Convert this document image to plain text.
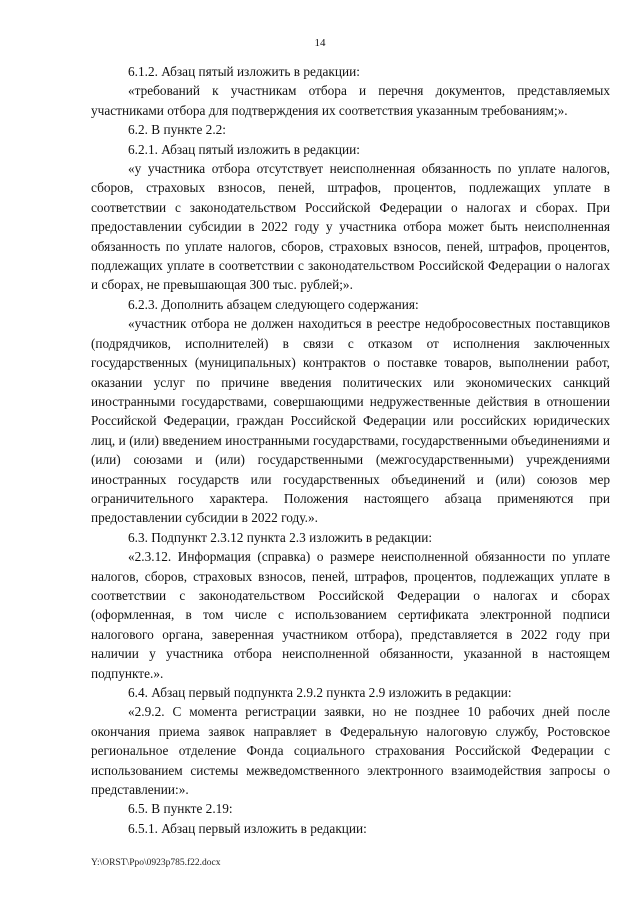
14

6.1.2. Абзац пятый изложить в редакции:

«требований к участникам отбора и перечня документов, представляемых участниками отбора для подтверждения их соответствия указанным требованиям;».

6.2. В пункте 2.2:

6.2.1. Абзац пятый изложить в редакции:

«у участника отбора отсутствует неисполненная обязанность по уплате налогов, сборов, страховых взносов, пеней, штрафов, процентов, подлежащих уплате в соответствии с законодательством Российской Федерации о налогах и сборах. При предоставлении субсидии в 2022 году у участника отбора может быть неисполненная обязанность по уплате налогов, сборов, страховых взносов, пеней, штрафов, процентов, подлежащих уплате в соответствии с законодательством Российской Федерации о налогах и сборах, не превышающая 300 тыс. рублей;».

6.2.3. Дополнить абзацем следующего содержания:

«участник отбора не должен находиться в реестре недобросовестных поставщиков (подрядчиков, исполнителей) в связи с отказом от исполнения заключенных государственных (муниципальных) контрактов о поставке товаров, выполнении работ, оказании услуг по причине введения политических или экономических санкций иностранными государствами, совершающими недружественные действия в отношении Российской Федерации, граждан Российской Федерации или российских юридических лиц, и (или) введением иностранными государствами, государственными объединениями и (или) союзами и (или) государственными (межгосударственными) учреждениями иностранных государств или государственных объединений и (или) союзов мер ограничительного характера. Положения настоящего абзаца применяются при предоставлении субсидии в 2022 году.».

6.3. Подпункт 2.3.12 пункта 2.3 изложить в редакции:

«2.3.12. Информация (справка) о размере неисполненной обязанности по уплате налогов, сборов, страховых взносов, пеней, штрафов, процентов, подлежащих уплате в соответствии с законодательством Российской Федерации о налогах и сборах (оформленная, в том числе с использованием сертификата электронной подписи налогового органа, заверенная участником отбора), представляется в 2022 году при наличии у участника отбора неисполненной обязанности, указанной в настоящем подпункте.».

6.4. Абзац первый подпункта 2.9.2 пункта 2.9 изложить в редакции:

«2.9.2. С момента регистрации заявки, но не позднее 10 рабочих дней после окончания приема заявок направляет в Федеральную налоговую службу, Ростовское региональное отделение Фонда социального страхования Российской Федерации с использованием системы межведомственного электронного взаимодействия запросы о представлении:».

6.5. В пункте 2.19:

6.5.1. Абзац первый изложить в редакции:

Y:\ORST\Ppo\0923p785.f22.docx
